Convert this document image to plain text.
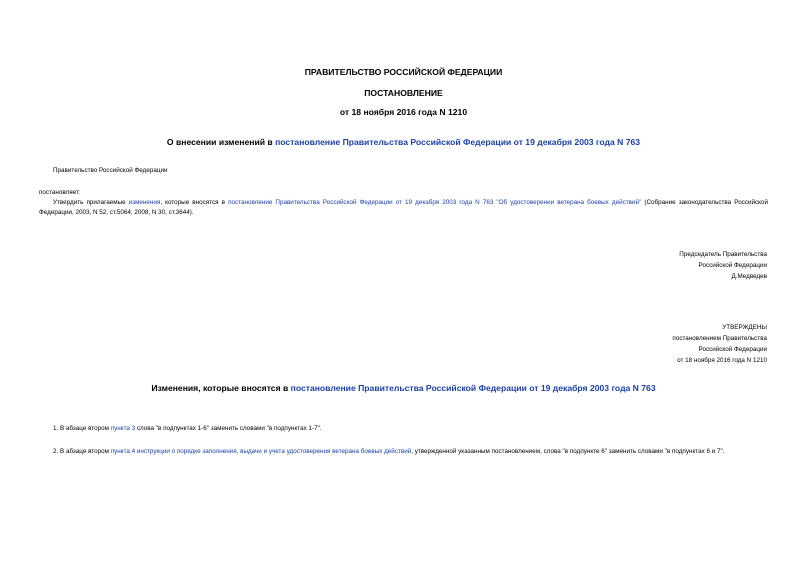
ПРАВИТЕЛЬСТВО РОССИЙСКОЙ ФЕДЕРАЦИИ
ПОСТАНОВЛЕНИЕ
от 18 ноября 2016 года N 1210
О внесении изменений в постановление Правительства Российской Федерации от 19 декабря 2003 года N 763
Правительство Российской Федерации
постановляет:
Утвердить прилагаемые изменения, которые вносятся в постановление Правительства Российской Федерации от 19 декабря 2003 года N 763 "Об удостоверении ветерана боевых действий" (Собрание законодательства Российской Федерации, 2003, N 52, ст.5064; 2008, N 30, ст.3644).
Председатель Правительства
Российской Федерации
Д.Медведев
УТВЕРЖДЕНЫ
постановлением Правительства
Российской Федерации
от 18 ноября 2016 года N 1210
Изменения, которые вносятся в постановление Правительства Российской Федерации от 19 декабря 2003 года N 763
1. В абзаце втором пункта 3 слова "в подпунктах 1-6" заменить словами "в подпунктах 1-7".
2. В абзаце втором пункта 4 инструкции о порядке заполнения, выдачи и учета удостоверения ветерана боевых действий, утвержденной указанным постановлением, слова "в подпункте 6" заменить словами "в подпунктах 6 и 7".
